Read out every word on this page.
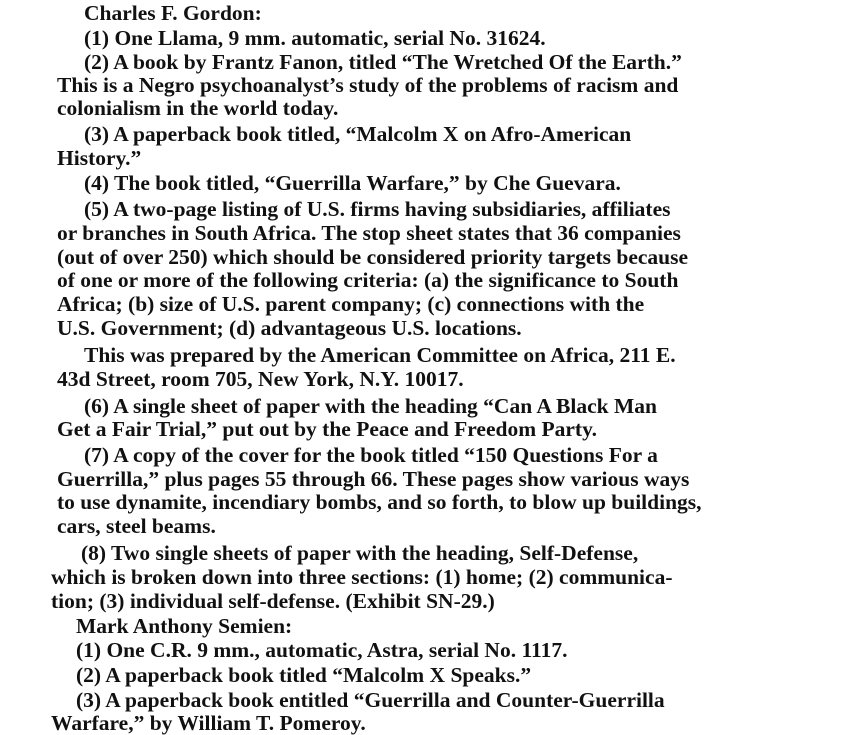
Charles F. Gordon:
(1) One Llama, 9 mm. automatic, serial No. 31624.
(2) A book by Frantz Fanon, titled “The Wretched Of the Earth.”
This is a Negro psychoanalyst’s study of the problems of racism and
colonialism in the world today.
(3) A paperback book titled, “Malcolm X on Afro-American
History.”
(4) The book titled, “Guerrilla Warfare,” by Che Guevara.
(5) A two-page listing of U.S. firms having subsidiaries, affiliates
or branches in South Africa. The stop sheet states that 36 companies
(out of over 250) which should be considered priority targets because
of one or more of the following criteria: (a) the significance to South
Africa; (b) size of U.S. parent company; (c) connections with the
U.S. Government; (d) advantageous U.S. locations.
This was prepared by the American Committee on Africa, 211 E.
43d Street, room 705, New York, N.Y. 10017.
(6) A single sheet of paper with the heading “Can A Black Man
Get a Fair Trial,” put out by the Peace and Freedom Party.
(7) A copy of the cover for the book titled “150 Questions For a
Guerrilla,” plus pages 55 through 66. These pages show various ways
to use dynamite, incendiary bombs, and so forth, to blow up buildings,
cars, steel beams.
(8) Two single sheets of paper with the heading, Self-Defense,
which is broken down into three sections: (1) home; (2) communica-
tion; (3) individual self-defense. (Exhibit SN-29.)
Mark Anthony Semien:
(1) One C.R. 9 mm., automatic, Astra, serial No. 1117.
(2) A paperback book titled “Malcolm X Speaks.”
(3) A paperback book entitled “Guerrilla and Counter-Guerrilla
Warfare,” by William T. Pomeroy.
